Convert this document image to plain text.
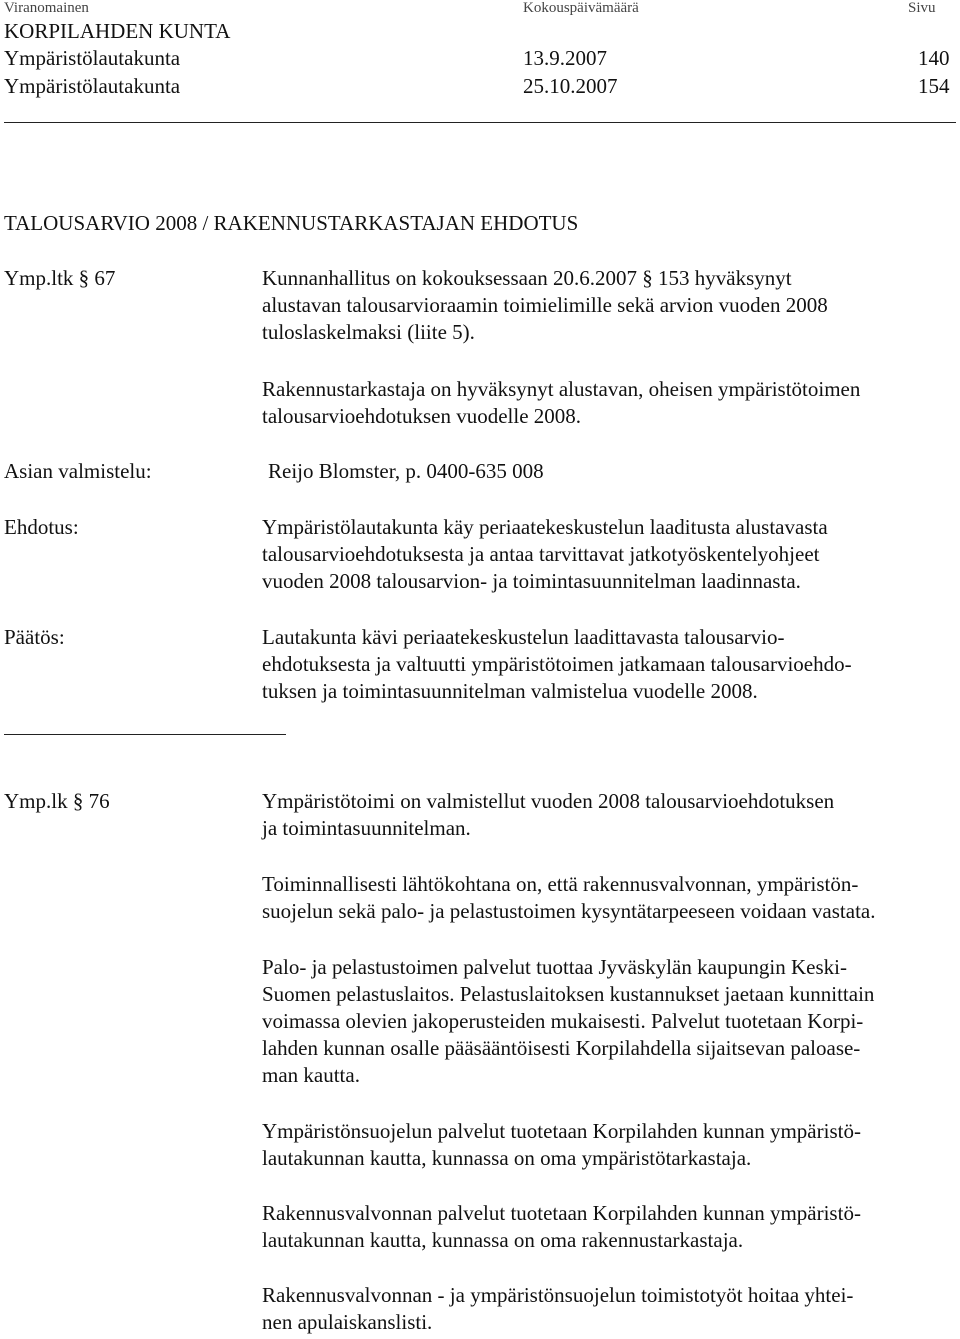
Viranomainen	Kokouspäivämäärä	Sivu
KORPILAHDEN KUNTA
Ympäristölautakunta	13.9.2007	140
Ympäristölautakunta	25.10.2007	154
TALOUSARVIO 2008 / RAKENNUSTARKASTAJAN EHDOTUS
Ymp.ltk § 67	Kunnanhallitus on kokouksessaan 20.6.2007 § 153 hyväksynyt
alustavan talousarvioraamin toimielimille sekä arvion vuoden 2008
tuloslaskelmaksi (liite 5).
Rakennustarkastaja on hyväksynyt alustavan, oheisen ympäristötoimen
talousarvioehdotuksen vuodelle 2008.
Asian valmistelu:	Reijo Blomster, p. 0400-635 008
Ehdotus:	Ympäristölautakunta käy periaatekeskustelun laaditusta alustavasta
talousarvioehdotuksesta ja antaa tarvittavat jatkotyöskentelyohjeet
vuoden 2008 talousarvion- ja toimintasuunnitelman laadinnasta.
Päätös:	Lautakunta kävi periaatekeskustelun laadittavasta talousarvio-
ehdotuksesta ja valtuutti ympäristötoimen jatkamaan talousarvioehdo-
tuksen ja toimintasuunnitelman valmistelua vuodelle 2008.
Ymp.lk § 76	Ympäristötoimi on valmistellut vuoden 2008 talousarvioehdotuksen
ja toimintasuunnitelman.
Toiminnallisesti lähtökohtana on, että rakennusvalvonnan, ympäristön-
suojelun sekä palo- ja pelastustoimen kysyntätarpeeseen voidaan vastata.
Palo- ja pelastustoimen palvelut tuottaa Jyväskylän kaupungin Keski-
Suomen pelastuslaitos. Pelastuslaitoksen kustannukset jaetaan kunnittain
voimassa olevien jakoperusteiden mukaisesti. Palvelut tuotetaan Korpi-
lahden kunnan osalle pääsääntöisesti Korpilahdella sijaitsevan paloase-
man kautta.
Ympäristönsuojelun palvelut tuotetaan Korpilahden kunnan ympäristö-
lautakunnan kautta, kunnassa on oma ympäristötarkastaja.
Rakennusvalvonnan palvelut tuotetaan Korpilahden kunnan ympäristö-
lautakunnan kautta, kunnassa on oma rakennustarkastaja.
Rakennusvalvonnan - ja ympäristönsuojelun toimistotyöt hoitaa yhtei-
nen apulaiskanslisti.
